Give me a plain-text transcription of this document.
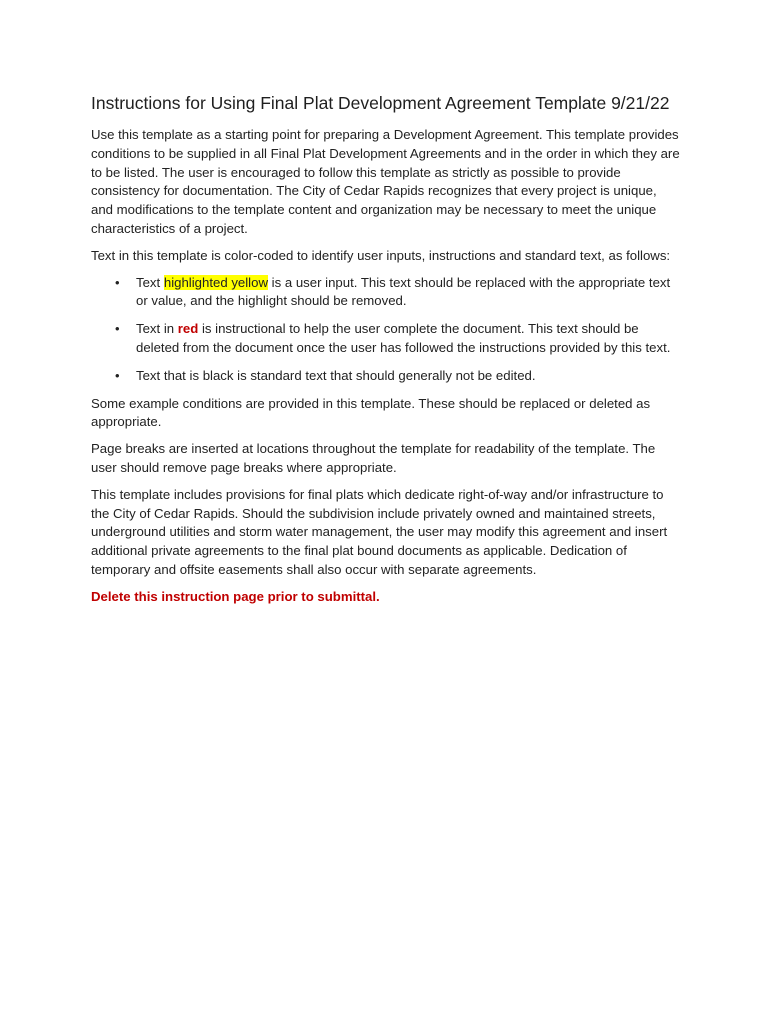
Instructions for Using Final Plat Development Agreement Template 9/21/22

Use this template as a starting point for preparing a Development Agreement. This template provides conditions to be supplied in all Final Plat Development Agreements and in the order in which they are to be listed. The user is encouraged to follow this template as strictly as possible to provide consistency for documentation. The City of Cedar Rapids recognizes that every project is unique, and modifications to the template content and organization may be necessary to meet the unique characteristics of a project.

Text in this template is color-coded to identify user inputs, instructions and standard text, as follows:

• Text highlighted yellow is a user input. This text should be replaced with the appropriate text or value, and the highlight should be removed.
• Text in red is instructional to help the user complete the document. This text should be deleted from the document once the user has followed the instructions provided by this text.
• Text that is black is standard text that should generally not be edited.

Some example conditions are provided in this template. These should be replaced or deleted as appropriate.

Page breaks are inserted at locations throughout the template for readability of the template. The user should remove page breaks where appropriate.

This template includes provisions for final plats which dedicate right-of-way and/or infrastructure to the City of Cedar Rapids. Should the subdivision include privately owned and maintained streets, underground utilities and storm water management, the user may modify this agreement and insert additional private agreements to the final plat bound documents as applicable. Dedication of temporary and offsite easements shall also occur with separate agreements.

Delete this instruction page prior to submittal.
